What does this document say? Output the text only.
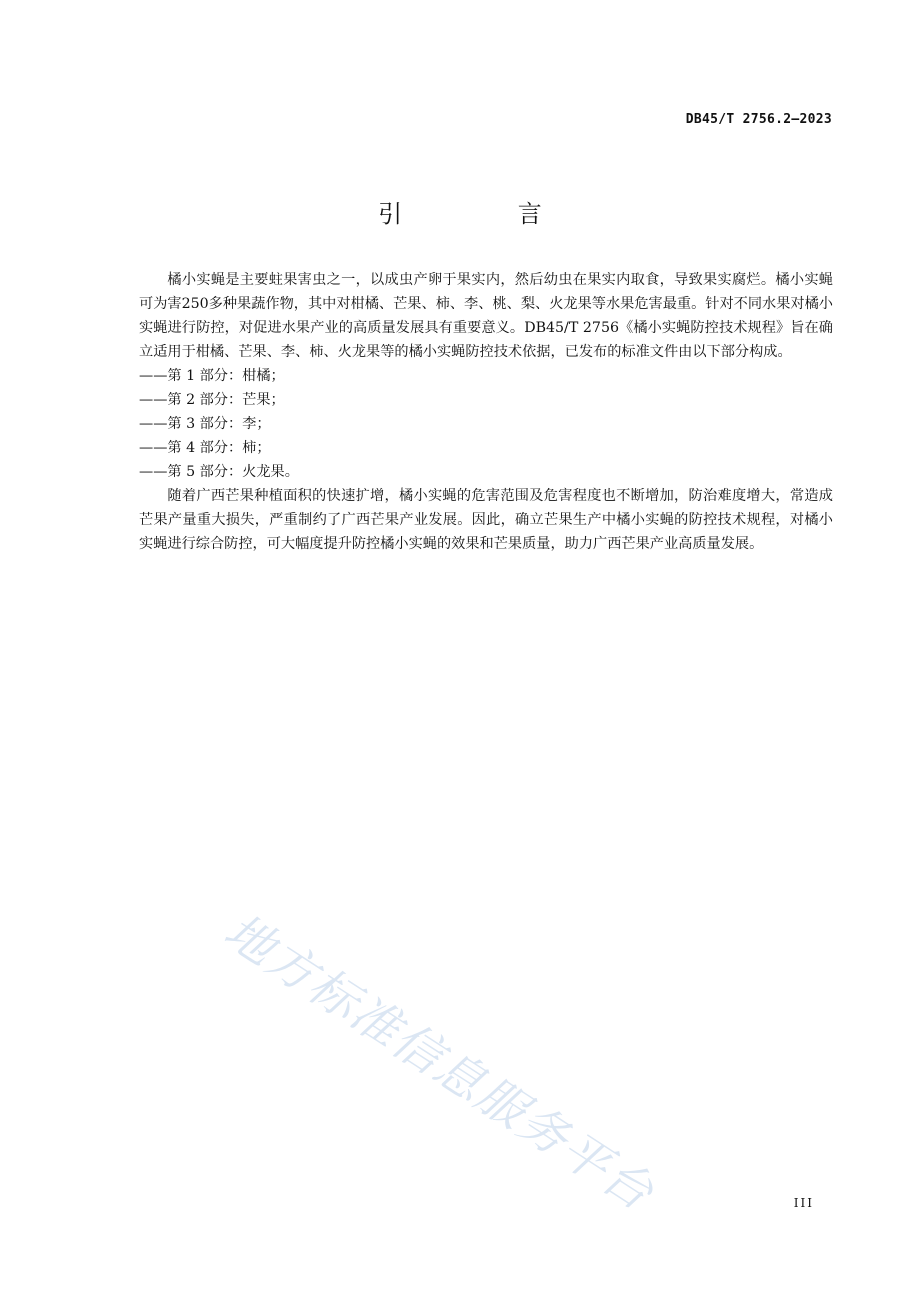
DB45/T 2756.2—2023
引 言

橘小实蝇是主要蛀果害虫之一，以成虫产卵于果实内，然后幼虫在果实内取食，导致果实腐烂。橘小实蝇可为害250多种果蔬作物，其中对柑橘、芒果、柿、李、桃、梨、火龙果等水果危害最重。针对不同水果对橘小实蝇进行防控，对促进水果产业的高质量发展具有重要意义。DB45/T 2756《橘小实蝇防控技术规程》旨在确立适用于柑橘、芒果、李、柿、火龙果等的橘小实蝇防控技术依据，已发布的标准文件由以下部分构成。

——第 1 部分：柑橘；

——第 2 部分：芒果；

——第 3 部分：李；

——第 4 部分：柿；

——第 5 部分：火龙果。

随着广西芒果种植面积的快速扩增，橘小实蝇的危害范围及危害程度也不断增加，防治难度增大，常造成芒果产量重大损失，严重制约了广西芒果产业发展。因此，确立芒果生产中橘小实蝇的防控技术规程，对橘小实蝇进行综合防控，可大幅度提升防控橘小实蝇的效果和芒果质量，助力广西芒果产业高质量发展。

地方标准信息服务平台	III
